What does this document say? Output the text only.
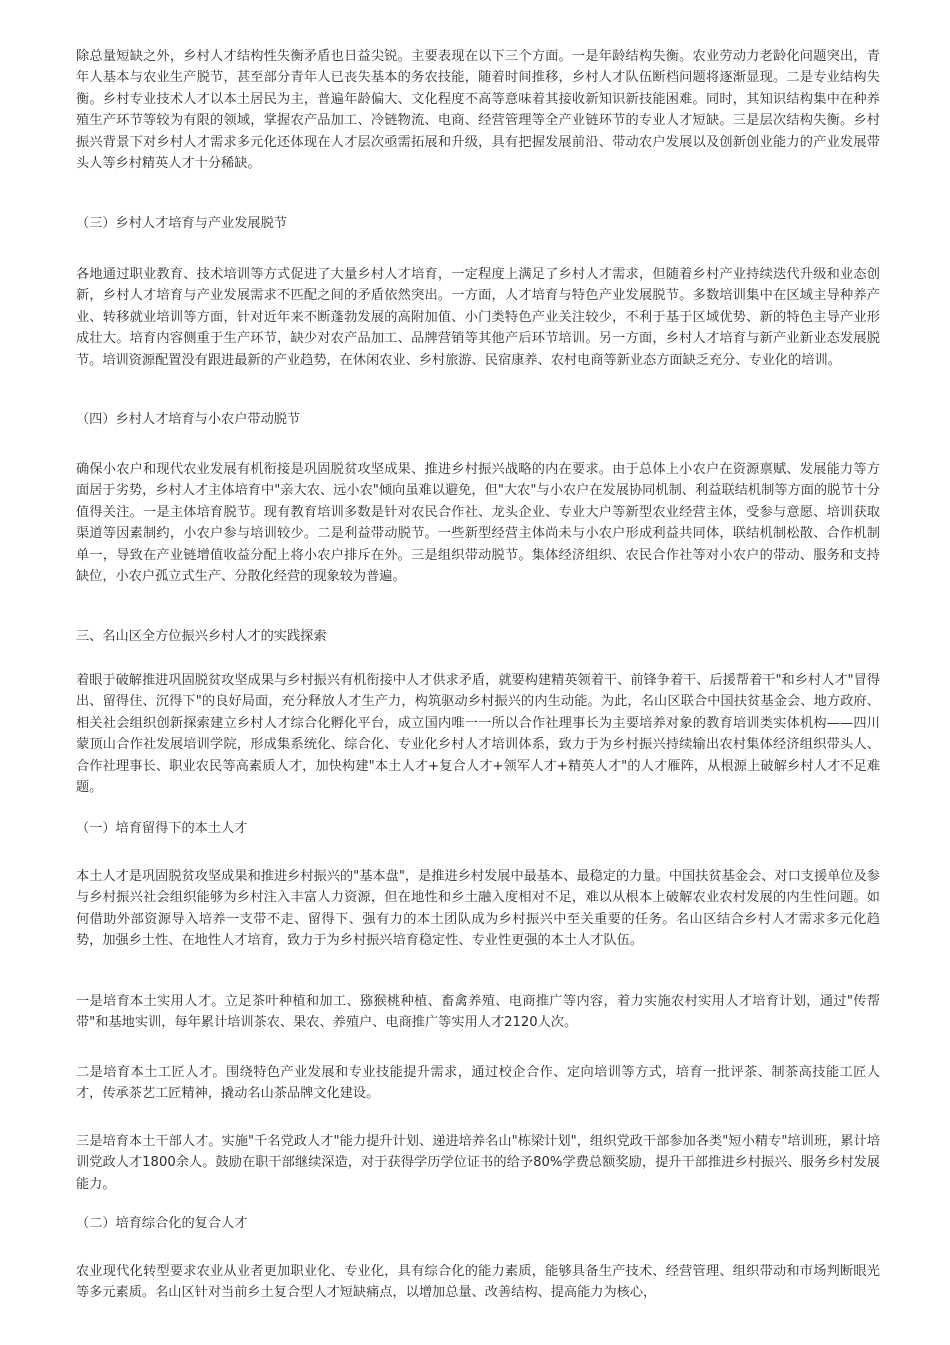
除总量短缺之外，乡村人才结构性失衡矛盾也日益尖锐。主要表现在以下三个方面。一是年龄结构失衡。农业劳动力老龄化问题突出，青年人基本与农业生产脱节，甚至部分青年人已丧失基本的务农技能，随着时间推移，乡村人才队伍断档问题将逐渐显现。二是专业结构失衡。乡村专业技术人才以本土居民为主，普遍年龄偏大、文化程度不高等意味着其接收新知识新技能困难。同时，其知识结构集中在种养殖生产环节等较为有限的领域，掌握农产品加工、冷链物流、电商、经营管理等全产业链环节的专业人才短缺。三是层次结构失衡。乡村振兴背景下对乡村人才需求多元化还体现在人才层次亟需拓展和升级，具有把握发展前沿、带动农户发展以及创新创业能力的产业发展带头人等乡村精英人才十分稀缺。

（三）乡村人才培育与产业发展脱节

各地通过职业教育、技术培训等方式促进了大量乡村人才培育，一定程度上满足了乡村人才需求，但随着乡村产业持续迭代升级和业态创新，乡村人才培育与产业发展需求不匹配之间的矛盾依然突出。一方面，人才培育与特色产业发展脱节。多数培训集中在区域主导种养产业、转移就业培训等方面，针对近年来不断蓬勃发展的高附加值、小门类特色产业关注较少，不利于基于区域优势、新的特色主导产业形成壮大。培育内容侧重于生产环节，缺少对农产品加工、品牌营销等其他产后环节培训。另一方面，乡村人才培育与新产业新业态发展脱节。培训资源配置没有跟进最新的产业趋势，在休闲农业、乡村旅游、民宿康养、农村电商等新业态方面缺乏充分、专业化的培训。

（四）乡村人才培育与小农户带动脱节

确保小农户和现代农业发展有机衔接是巩固脱贫攻坚成果、推进乡村振兴战略的内在要求。由于总体上小农户在资源禀赋、发展能力等方面居于劣势，乡村人才主体培育中"亲大农、远小农"倾向虽难以避免，但"大农"与小农户在发展协同机制、利益联结机制等方面的脱节十分值得关注。一是主体培育脱节。现有教育培训多数是针对农民合作社、龙头企业、专业大户等新型农业经营主体，受参与意愿、培训获取渠道等因素制约，小农户参与培训较少。二是利益带动脱节。一些新型经营主体尚未与小农户形成利益共同体，联结机制松散、合作机制单一，导致在产业链增值收益分配上将小农户排斥在外。三是组织带动脱节。集体经济组织、农民合作社等对小农户的带动、服务和支持缺位，小农户孤立式生产、分散化经营的现象较为普遍。

三、名山区全方位振兴乡村人才的实践探索

着眼于破解推进巩固脱贫攻坚成果与乡村振兴有机衔接中人才供求矛盾，就要构建精英领着干、前锋争着干、后援帮着干"和乡村人才"冒得出、留得住、沉得下"的良好局面，充分释放人才生产力，构筑驱动乡村振兴的内生动能。为此，名山区联合中国扶贫基金会、地方政府、相关社会组织创新探索建立乡村人才综合化孵化平台，成立国内唯一一所以合作社理事长为主要培养对象的教育培训类实体机构——四川蒙顶山合作社发展培训学院，形成集系统化、综合化、专业化乡村人才培训体系，致力于为乡村振兴持续输出农村集体经济组织带头人、合作社理事长、职业农民等高素质人才，加快构建"本土人才+复合人才+领军人才+精英人才"的人才雁阵，从根源上破解乡村人才不足难题。

（一）培育留得下的本土人才

本土人才是巩固脱贫攻坚成果和推进乡村振兴的"基本盘"，是推进乡村发展中最基本、最稳定的力量。中国扶贫基金会、对口支援单位及参与乡村振兴社会组织能够为乡村注入丰富人力资源，但在地性和乡土融入度相对不足，难以从根本上破解农业农村发展的内生性问题。如何借助外部资源导入培养一支带不走、留得下、强有力的本土团队成为乡村振兴中至关重要的任务。名山区结合乡村人才需求多元化趋势，加强乡土性、在地性人才培育，致力于为乡村振兴培育稳定性、专业性更强的本土人才队伍。

一是培育本土实用人才。立足茶叶种植和加工、猕猴桃种植、畜禽养殖、电商推广等内容，着力实施农村实用人才培育计划，通过"传帮带"和基地实训，每年累计培训茶农、果农、养殖户、电商推广等实用人才2120人次。

二是培育本土工匠人才。围绕特色产业发展和专业技能提升需求，通过校企合作、定向培训等方式，培育一批评茶、制茶高技能工匠人才，传承茶艺工匠精神，撬动名山茶品牌文化建设。

三是培育本土干部人才。实施"千名党政人才"能力提升计划、递进培养名山"栋梁计划"，组织党政干部参加各类"短小精专"培训班，累计培训党政人才1800余人。鼓励在职干部继续深造，对于获得学历学位证书的给予80%学费总额奖励，提升干部推进乡村振兴、服务乡村发展能力。

（二）培育综合化的复合人才

农业现代化转型要求农业从业者更加职业化、专业化，具有综合化的能力素质，能够具备生产技术、经营管理、组织带动和市场判断眼光等多元素质。名山区针对当前乡土复合型人才短缺痛点，以增加总量、改善结构、提高能力为核心，
